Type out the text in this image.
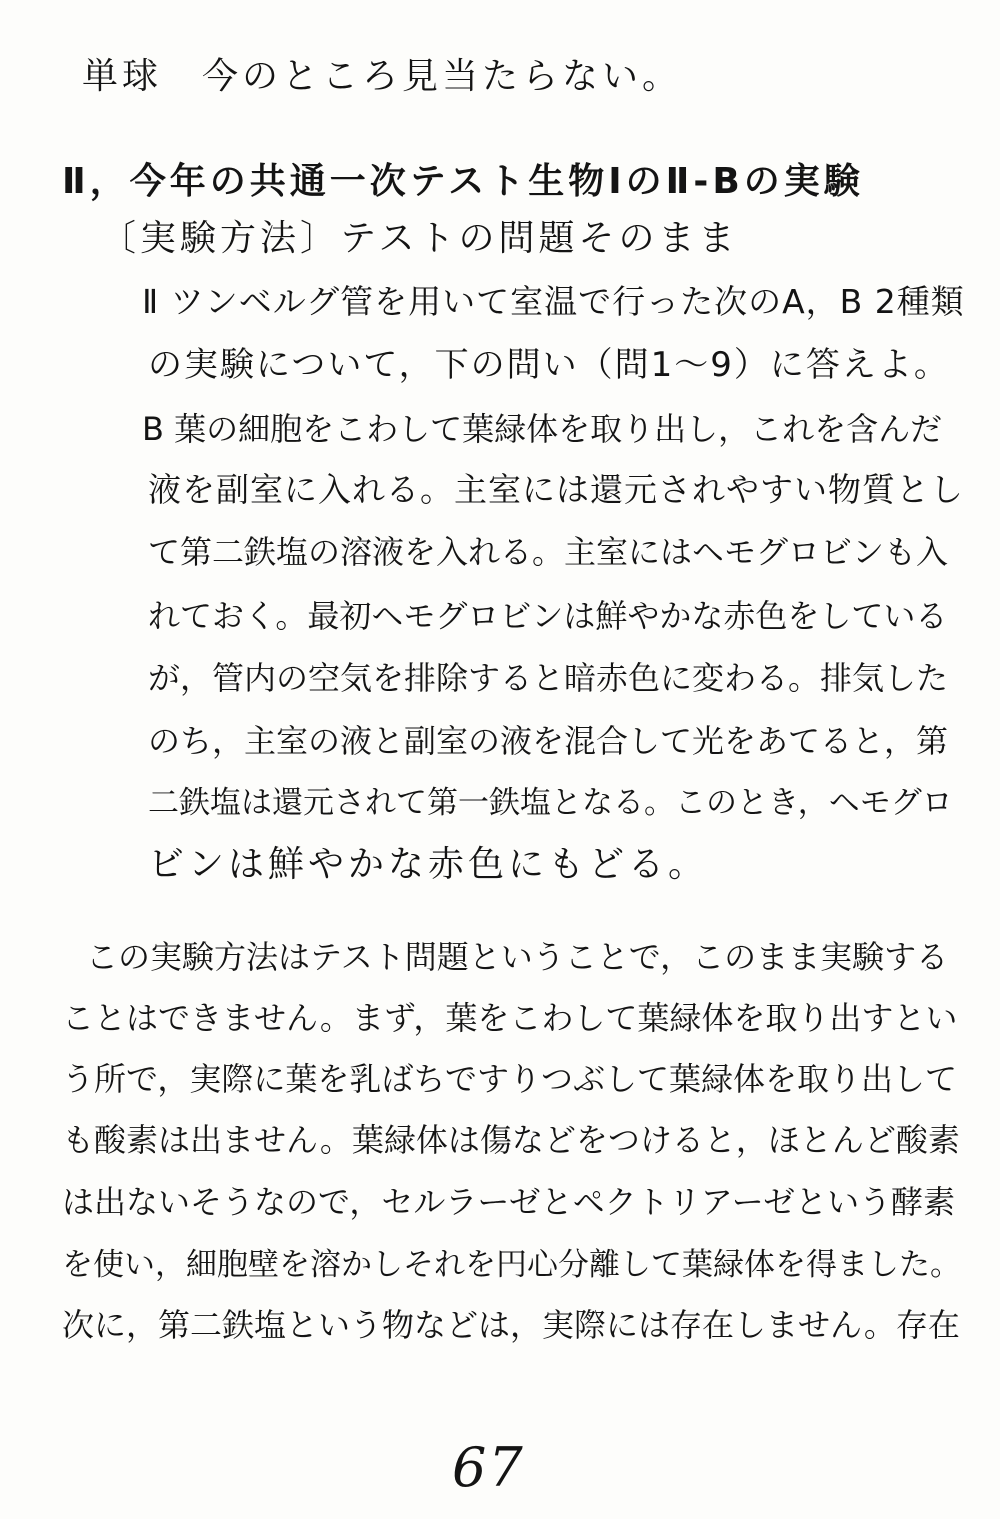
単球　今のところ見当たらない。
Ⅱ，今年の共通一次テスト生物ⅠのⅡ-Bの実験
〔実験方法〕テストの問題そのまま
Ⅱ ツンベルグ管を用いて室温で行った次のA，B 2種類
の実験について，下の問い（問1〜9）に答えよ。
B 葉の細胞をこわして葉緑体を取り出し，これを含んだ
液を副室に入れる。主室には還元されやすい物質とし
て第二鉄塩の溶液を入れる。主室にはヘモグロビンも入
れておく。最初ヘモグロビンは鮮やかな赤色をしている
が，管内の空気を排除すると暗赤色に変わる。排気した
のち，主室の液と副室の液を混合して光をあてると，第
二鉄塩は還元されて第一鉄塩となる。このとき，ヘモグロ
ビンは鮮やかな赤色にもどる。
この実験方法はテスト問題ということで，このまま実験する
ことはできません。まず，葉をこわして葉緑体を取り出すとい
う所で，実際に葉を乳ばちですりつぶして葉緑体を取り出して
も酸素は出ません。葉緑体は傷などをつけると，ほとんど酸素
は出ないそうなので，セルラーゼとペクトリアーゼという酵素
を使い，細胞壁を溶かしそれを円心分離して葉緑体を得ました。
次に，第二鉄塩という物などは，実際には存在しません。存在
67
